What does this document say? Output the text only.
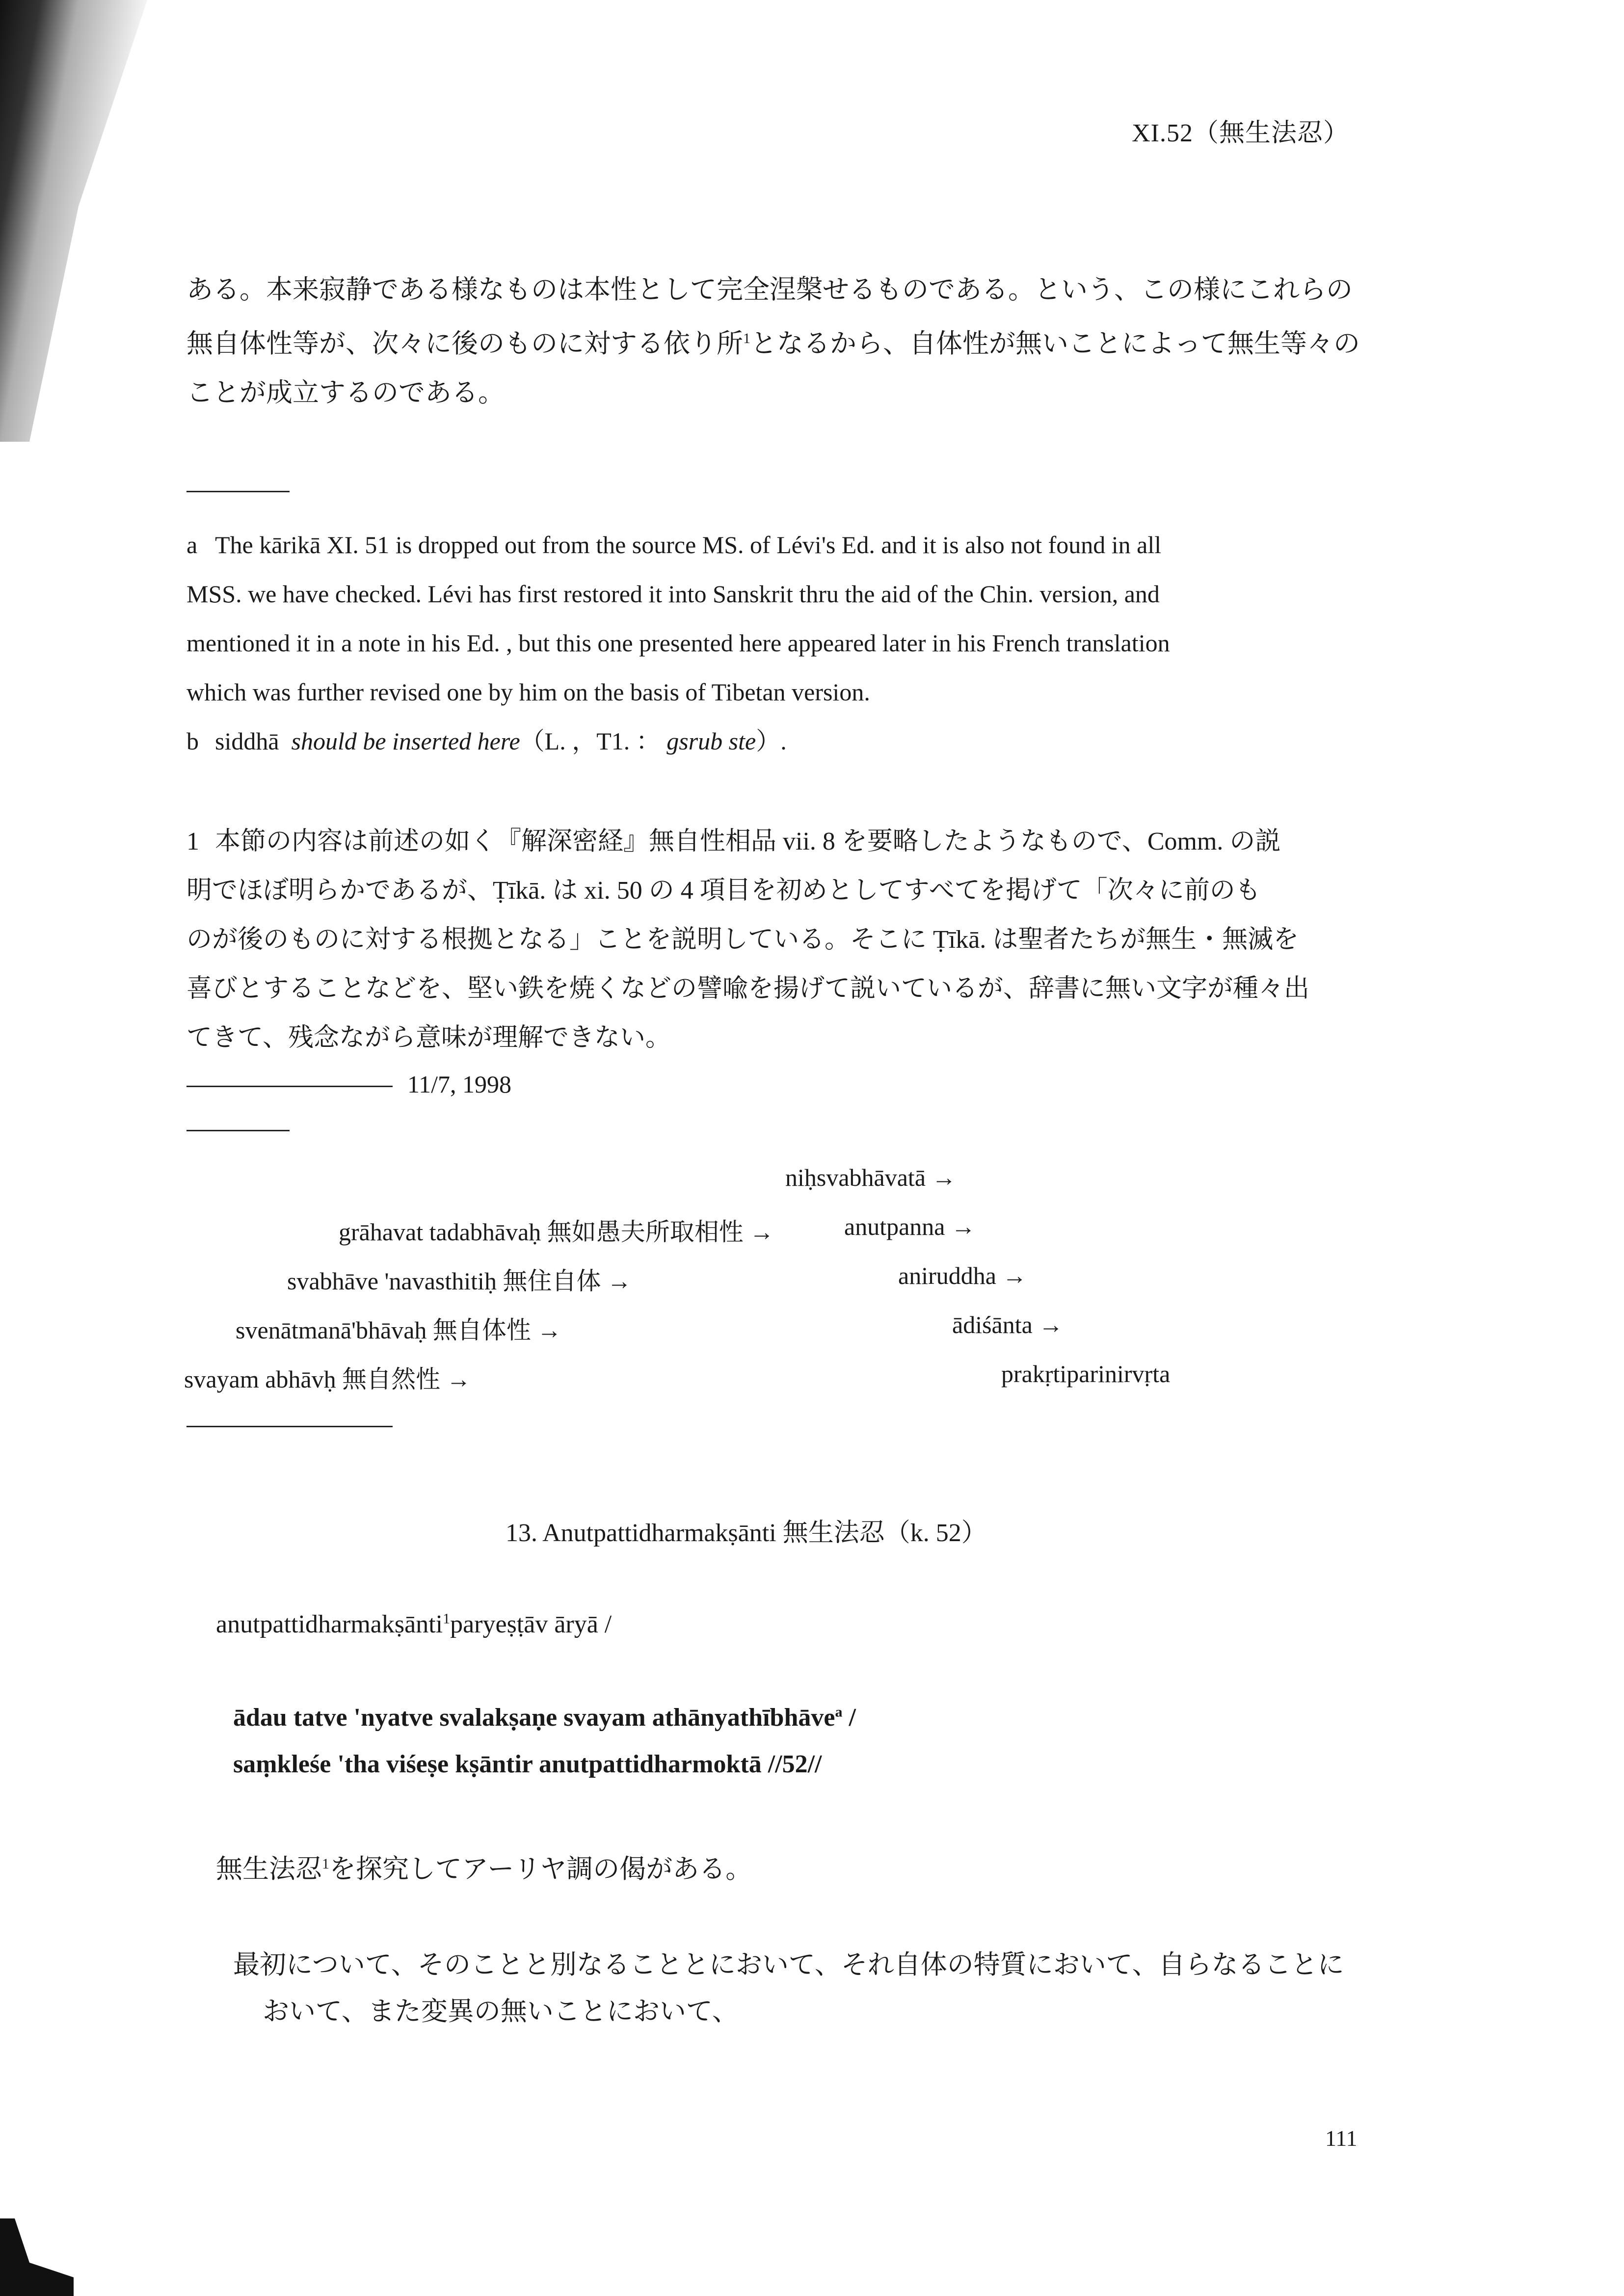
XI.52（無生法忍）
ある。本来寂静である様なものは本性として完全涅槃せるものである。という、この様にこれらの
無自体性等が、次々に後のものに対する依り所$^1$となるから、自体性が無いことによって無生等々の
ことが成立するのである。
a The kārikā XI. 51 is dropped out from the source MS. of Lévi's Ed. and it is also not found in all
MSS. we have checked. Lévi has first restored it into Sanskrit thru the aid of the Chin. version, and
mentioned it in a note in his Ed. , but this one presented here appeared later in his French translation
which was further revised one by him on the basis of Tibetan version.
b siddhā should be inserted here（L. ，T1. ： gsrub ste）.
1 本節の内容は前述の如く『解深密経』無自性相品 vii. 8 を要略したようなもので、Comm. の説
明でほぼ明らかであるが、Ṭīkā. は xi. 50 の 4 項目を初めとしてすべてを掲げて「次々に前のも
のが後のものに対する根拠となる」ことを説明している。そこに Ṭīkā. は聖者たちが無生・無滅を
喜びとすることなどを、堅い鉄を焼くなどの譬喩を揚げて説いているが、辞書に無い文字が種々出
てきて、残念ながら意味が理解できない。
11/7, 1998
niḥsvabhāvatā →
anutpanna →
aniruddha →
ādiśānta →
prakṛtiparinirvṛta
grāhavat tadabhāvaḥ 無如愚夫所取相性 →
svabhāve 'navasthitiḥ 無住自体 →
svenātmanā'bhāvaḥ 無自体性 →
svayam abhāvḥ 無自然性 →
13. Anutpattidharmakṣānti 無生法忍（k. 52）
anutpattidharmakṣānti$^1$paryeṣṭāv āryā /
ādau tatve 'nyatve svalakṣaṇe svayam athānyathībhāve$^a$ /
saṃkleśe 'tha viśeṣe kṣāntir anutpattidharmoktā //52//
無生法忍$^1$を探究してアーリヤ調の偈がある。
最初について、そのことと別なることとにおいて、それ自体の特質において、自らなることに
おいて、また変異の無いことにおいて、
111
